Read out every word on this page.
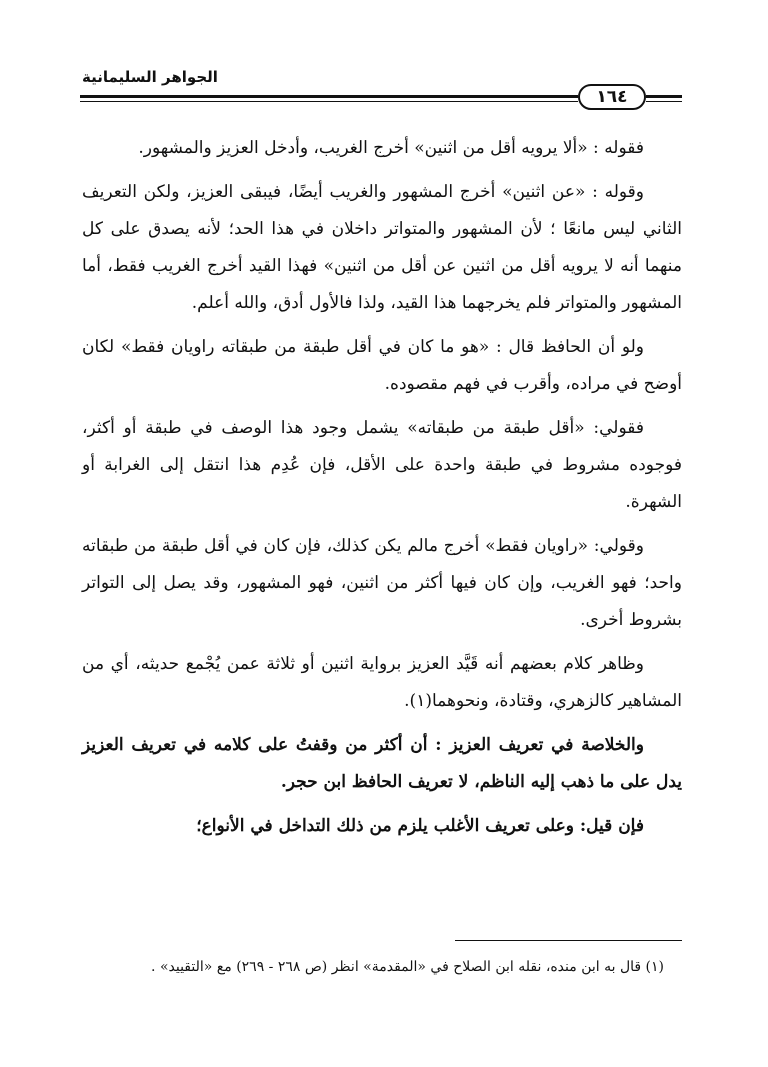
الجواهر السليمانية
١٦٤

فقوله : «ألا يرويه أقل من اثنين» أخرج الغريب، وأدخل العزيز والمشهور.

وقوله : «عن اثنين» أخرج المشهور والغريب أيضًا، فيبقى العزيز، ولكن التعريف الثاني ليس مانعًا ؛ لأن المشهور والمتواتر داخلان في هذا الحد؛ لأنه يصدق على كل منهما أنه لا يرويه أقل من اثنين عن أقل من اثنين» فهذا القيد أخرج الغريب فقط، أما المشهور والمتواتر فلم يخرجهما هذا القيد، ولذا فالأول أدق، والله أعلم.

ولو أن الحافظ قال : «هو ما كان في أقل طبقة من طبقاته راويان فقط» لكان أوضح في مراده، وأقرب في فهم مقصوده.

فقولي: «أقل طبقة من طبقاته» يشمل وجود هذا الوصف في طبقة أو أكثر، فوجوده مشروط في طبقة واحدة على الأقل، فإن عُدِم هذا انتقل إلى الغرابة أو الشهرة.

وقولي: «راويان فقط» أخرج مالم يكن كذلك، فإن كان في أقل طبقة من طبقاته واحد؛ فهو الغريب، وإن كان فيها أكثر من اثنين، فهو المشهور، وقد يصل إلى التواتر بشروط أخرى.

وظاهر كلام بعضهم أنه قَيَّد العزيز برواية اثنين أو ثلاثة عمن يُجْمع حديثه، أي من المشاهير كالزهري، وقتادة، ونحوهما(١).

والخلاصة في تعريف العزيز : أن أكثر من وقفتُ على كلامه في تعريف العزيز يدل على ما ذهب إليه الناظم، لا تعريف الحافظ ابن حجر.

فإن قيل: وعلى تعريف الأغلب يلزم من ذلك التداخل في الأنواع؛

(١) قال به ابن منده، نقله ابن الصلاح في «المقدمة» انظر (ص ٢٦٨ - ٢٦٩) مع «التقييد» .
